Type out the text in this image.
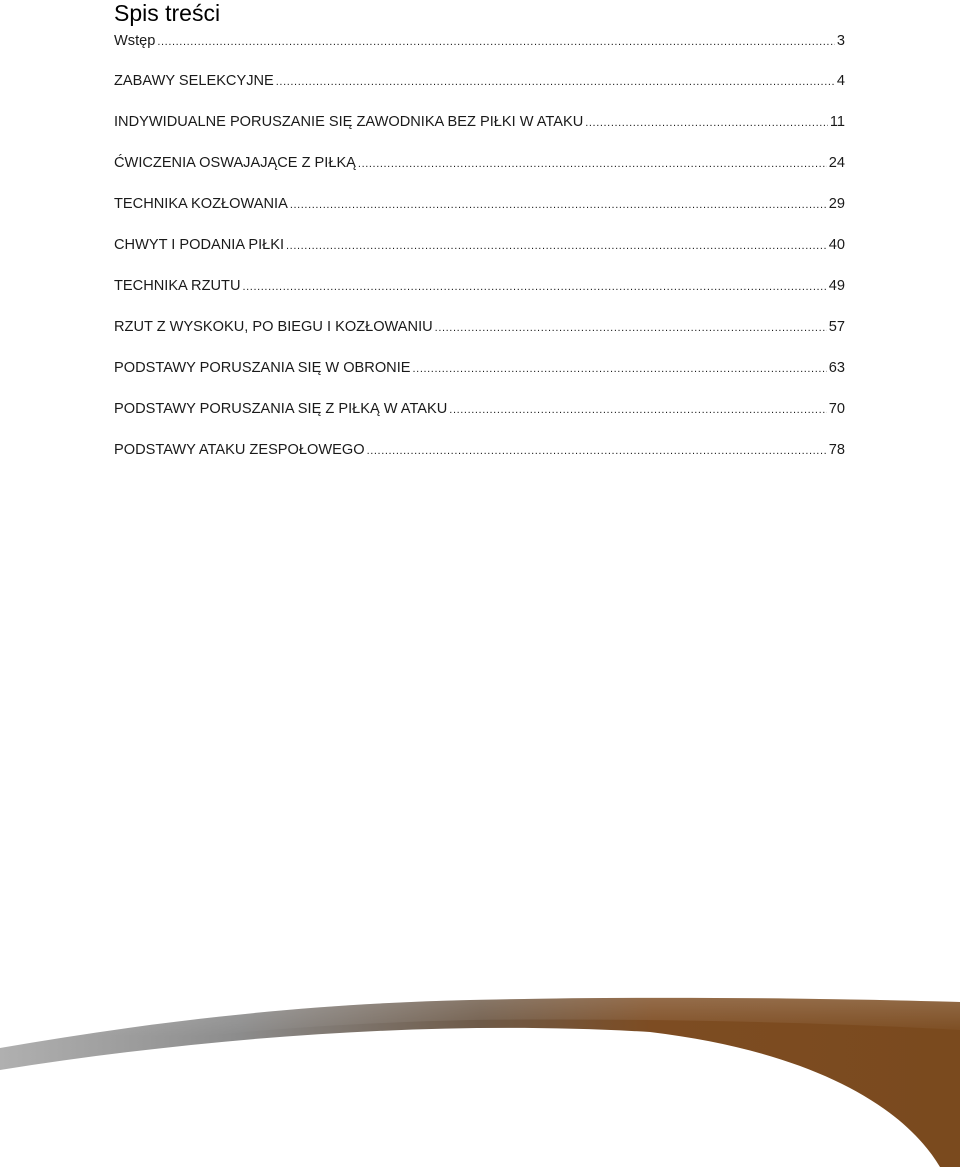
Spis treści
Wstęp .....	3
ZABAWY SELEKCYJNE .....	4
INDYWIDUALNE PORUSZANIE SIĘ ZAWODNIKA BEZ PIŁKI W ATAKU .....	11
ĆWICZENIA OSWAJAJĄCE Z PIŁKĄ .....	24
TECHNIKA KOZŁOWANIA .....	29
CHWYT I PODANIA PIŁKI .....	40
TECHNIKA RZUTU .....	49
RZUT Z WYSKOKU, PO BIEGU I KOZŁOWANIU .....	57
PODSTAWY PORUSZANIA SIĘ W OBRONIE .....	63
PODSTAWY PORUSZANIA SIĘ Z PIŁKĄ W ATAKU .....	70
PODSTAWY ATAKU ZESPOŁOWEGO .....	78
